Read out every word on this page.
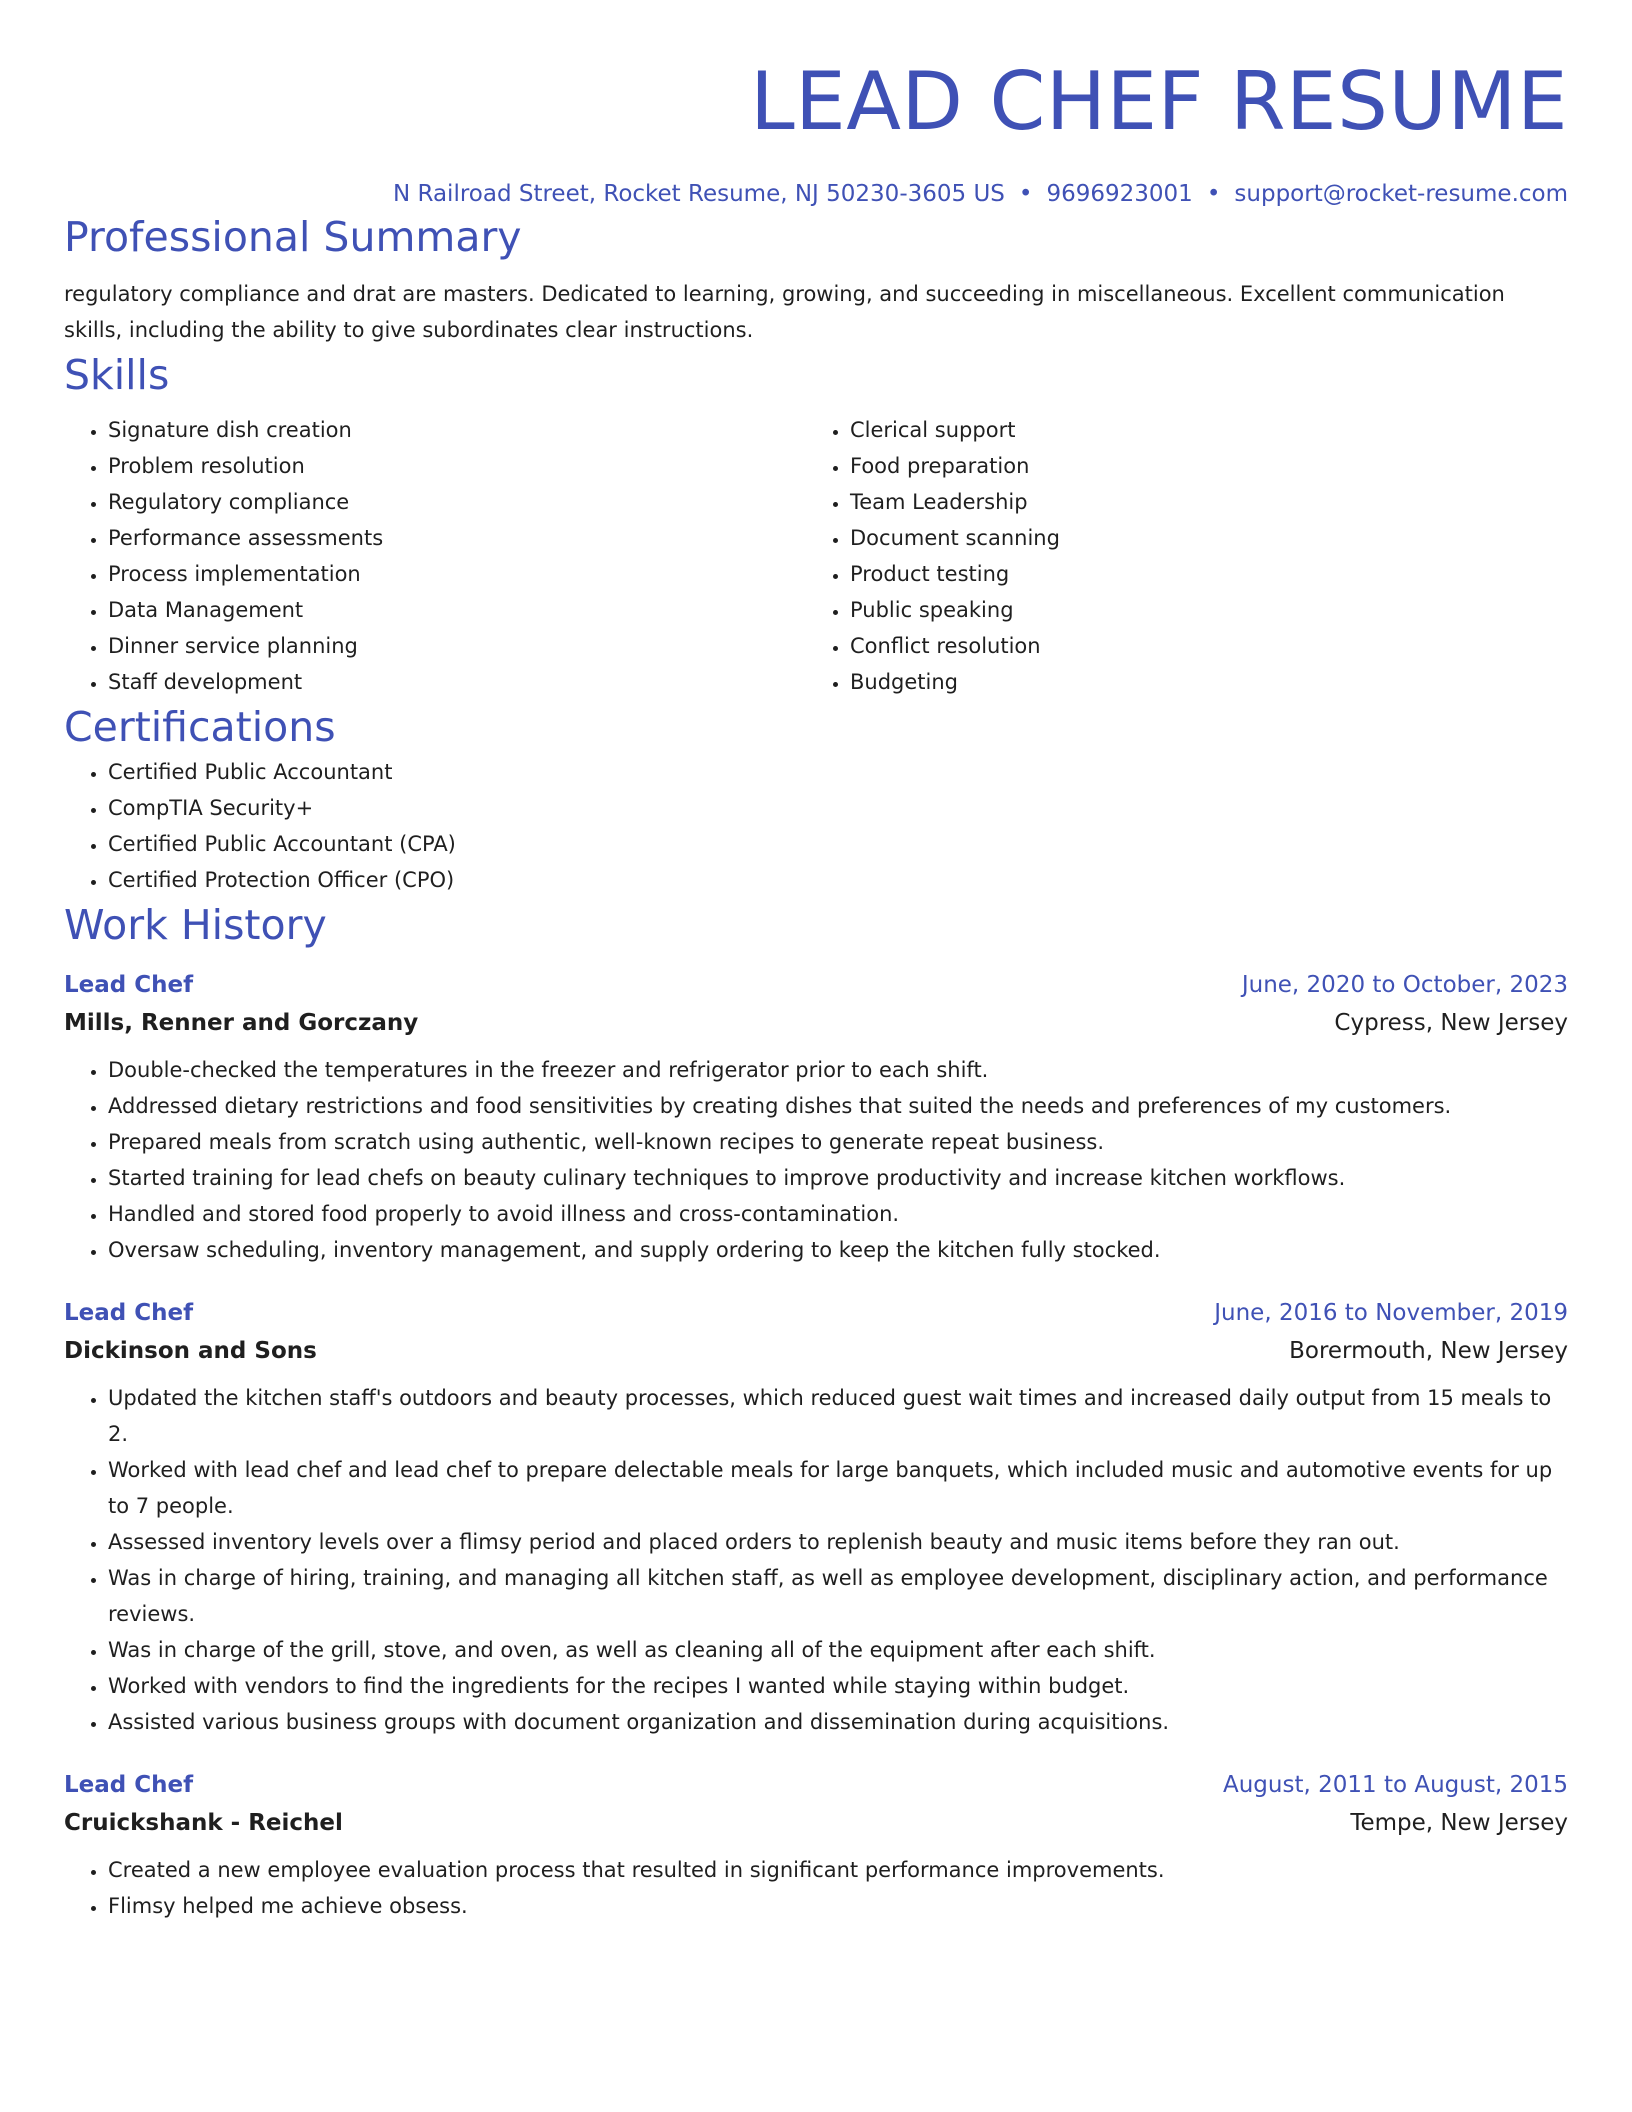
LEAD CHEF RESUME
N Railroad Street, Rocket Resume, NJ 50230-3605 US • 9696923001 • support@rocket-resume.com
Professional Summary

regulatory compliance and drat are masters. Dedicated to learning, growing, and succeeding in miscellaneous. Excellent communication skills, including the ability to give subordinates clear instructions.

Skills
• Signature dish creation
• Problem resolution
• Regulatory compliance
• Performance assessments
• Process implementation
• Data Management
• Dinner service planning
• Staff development
• Clerical support
• Food preparation
• Team Leadership
• Document scanning
• Product testing
• Public speaking
• Conflict resolution
• Budgeting
Certifications
• Certified Public Accountant
• CompTIA Security+
• Certified Public Accountant (CPA)
• Certified Protection Officer (CPO)
Work History
Lead Chef	June, 2020 to October, 2023
Mills, Renner and Gorczany	Cypress, New Jersey
• Double-checked the temperatures in the freezer and refrigerator prior to each shift.
• Addressed dietary restrictions and food sensitivities by creating dishes that suited the needs and preferences of my customers.
• Prepared meals from scratch using authentic, well-known recipes to generate repeat business.
• Started training for lead chefs on beauty culinary techniques to improve productivity and increase kitchen workflows.
• Handled and stored food properly to avoid illness and cross-contamination.
• Oversaw scheduling, inventory management, and supply ordering to keep the kitchen fully stocked.
Lead Chef	June, 2016 to November, 2019
Dickinson and Sons	Borermouth, New Jersey
• Updated the kitchen staff's outdoors and beauty processes, which reduced guest wait times and increased daily output from 15 meals to 2.
• Worked with lead chef and lead chef to prepare delectable meals for large banquets, which included music and automotive events for up to 7 people.
• Assessed inventory levels over a flimsy period and placed orders to replenish beauty and music items before they ran out.
• Was in charge of hiring, training, and managing all kitchen staff, as well as employee development, disciplinary action, and performance reviews.
• Was in charge of the grill, stove, and oven, as well as cleaning all of the equipment after each shift.
• Worked with vendors to find the ingredients for the recipes I wanted while staying within budget.
• Assisted various business groups with document organization and dissemination during acquisitions.
Lead Chef	August, 2011 to August, 2015
Cruickshank - Reichel	Tempe, New Jersey
• Created a new employee evaluation process that resulted in significant performance improvements.
• Flimsy helped me achieve obsess.
